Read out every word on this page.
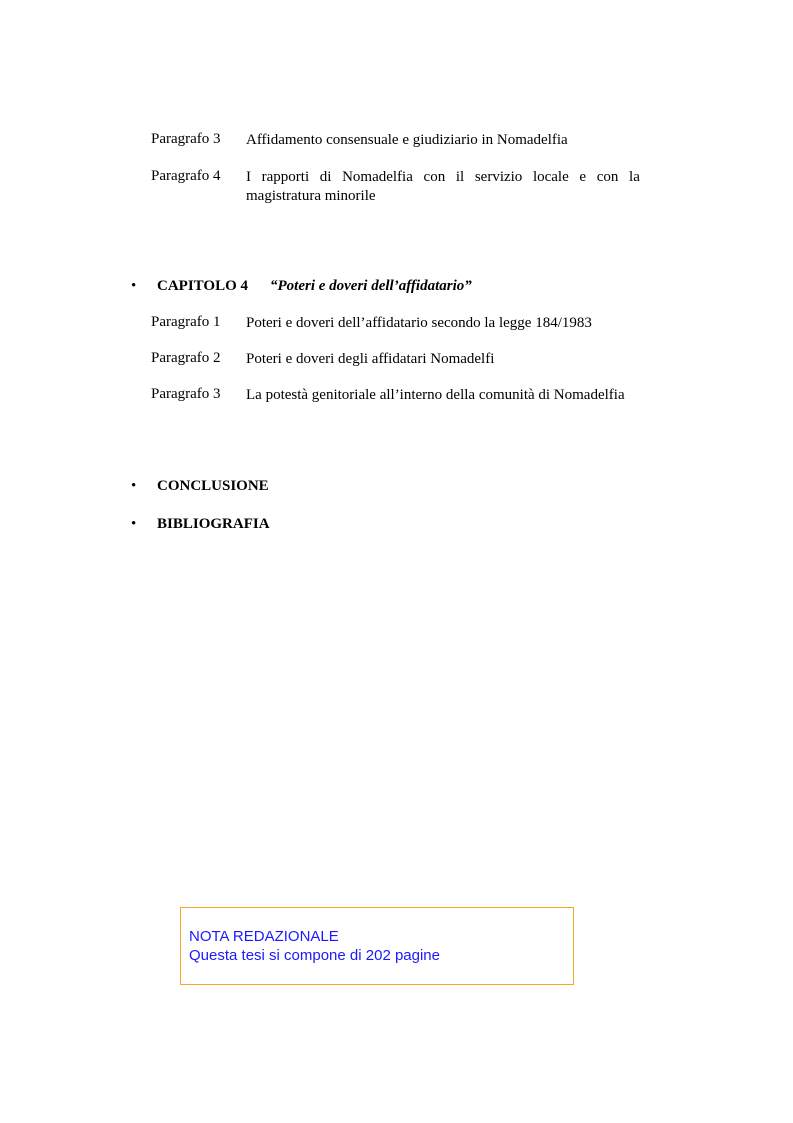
Paragrafo 3 Affidamento consensuale e giudiziario in Nomadelfia
Paragrafo 4 I rapporti di Nomadelfia con il servizio locale e con la
magistratura minorile
• CAPITOLO 4 “Poteri e doveri dell’affidatario”
Paragrafo 1 Poteri e doveri dell’affidatario secondo la legge 184/1983
Paragrafo 2 Poteri e doveri degli affidatari Nomadelfi
Paragrafo 3 La potestà genitoriale all’interno della comunità di Nomadelfia
• CONCLUSIONE
• BIBLIOGRAFIA
NOTA REDAZIONALE
Questa tesi si compone di 202 pagine
